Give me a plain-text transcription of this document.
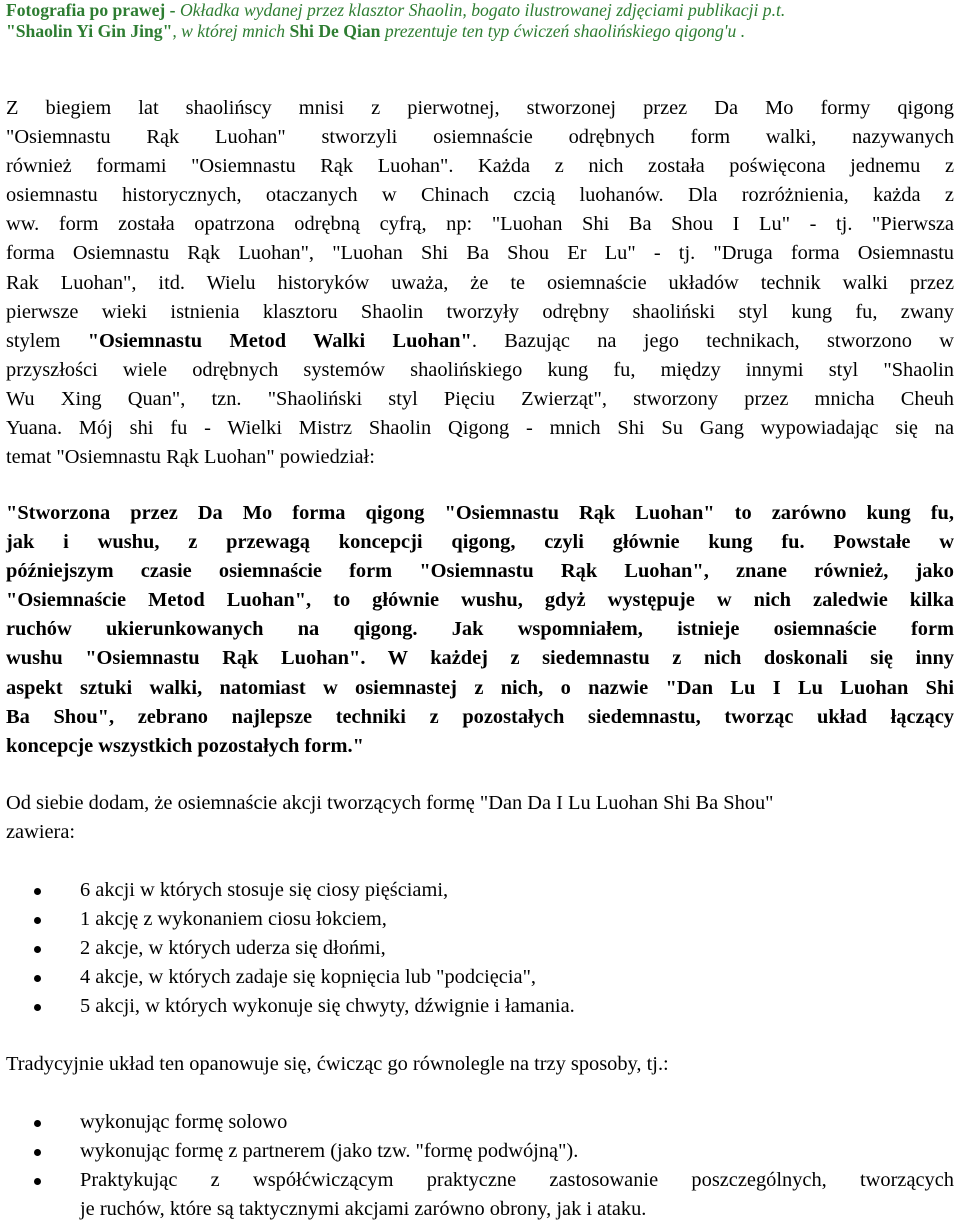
Fotografia po prawej - Okładka wydanej przez klasztor Shaolin, bogato ilustrowanej zdjęciami publikacji p.t.
"Shaolin Yi Gin Jing", w której mnich Shi De Qian prezentuje ten typ ćwiczeń shaolińskiego qigong'u .

Z biegiem lat shaolińscy mnisi z pierwotnej, stworzonej przez Da Mo formy qigong
"Osiemnastu Rąk Luohan" stworzyli osiemnaście odrębnych form walki, nazywanych
również formami "Osiemnastu Rąk Luohan". Każda z nich została poświęcona jednemu z
osiemnastu historycznych, otaczanych w Chinach czcią luohanów. Dla rozróżnienia, każda z
ww. form została opatrzona odrębną cyfrą, np: "Luohan Shi Ba Shou I Lu" - tj. "Pierwsza
forma Osiemnastu Rąk Luohan", "Luohan Shi Ba Shou Er Lu" - tj. "Druga forma Osiemnastu
Rak Luohan", itd. Wielu historyków uważa, że te osiemnaście układów technik walki przez
pierwsze wieki istnienia klasztoru Shaolin tworzyły odrębny shaoliński styl kung fu, zwany
stylem "Osiemnastu Metod Walki Luohan". Bazując na jego technikach, stworzono w
przyszłości wiele odrębnych systemów shaolińskiego kung fu, między innymi styl "Shaolin
Wu Xing Quan", tzn. "Shaoliński styl Pięciu Zwierząt", stworzony przez mnicha Cheuh
Yuana. Mój shi fu - Wielki Mistrz Shaolin Qigong - mnich Shi Su Gang wypowiadając się na
temat "Osiemnastu Rąk Luohan" powiedział:

"Stworzona przez Da Mo forma qigong "Osiemnastu Rąk Luohan" to zarówno kung fu,
jak i wushu, z przewagą koncepcji qigong, czyli głównie kung fu. Powstałe w
późniejszym czasie osiemnaście form "Osiemnastu Rąk Luohan", znane również, jako
"Osiemnaście Metod Luohan", to głównie wushu, gdyż występuje w nich zaledwie kilka
ruchów ukierunkowanych na qigong. Jak wspomniałem, istnieje osiemnaście form
wushu "Osiemnastu Rąk Luohan". W każdej z siedemnastu z nich doskonali się inny
aspekt sztuki walki, natomiast w osiemnastej z nich, o nazwie "Dan Lu I Lu Luohan Shi
Ba Shou", zebrano najlepsze techniki z pozostałych siedemnastu, tworząc układ łączący
koncepcje wszystkich pozostałych form."

Od siebie dodam, że osiemnaście akcji tworzących formę "Dan Da I Lu Luohan Shi Ba Shou"
zawiera:

6 akcji w których stosuje się ciosy pięściami,
1 akcję z wykonaniem ciosu łokciem,
2 akcje, w których uderza się dłońmi,
4 akcje, w których zadaje się kopnięcia lub "podcięcia",
5 akcji, w których wykonuje się chwyty, dźwignie i łamania.

Tradycyjnie układ ten opanowuje się, ćwicząc go równolegle na trzy sposoby, tj.:

wykonując formę solowo
wykonując formę z partnerem (jako tzw. "formę podwójną").
Praktykując z współćwiczącym praktyczne zastosowanie poszczególnych, tworzących
je ruchów, które są taktycznymi akcjami zarówno obrony, jak i ataku.
